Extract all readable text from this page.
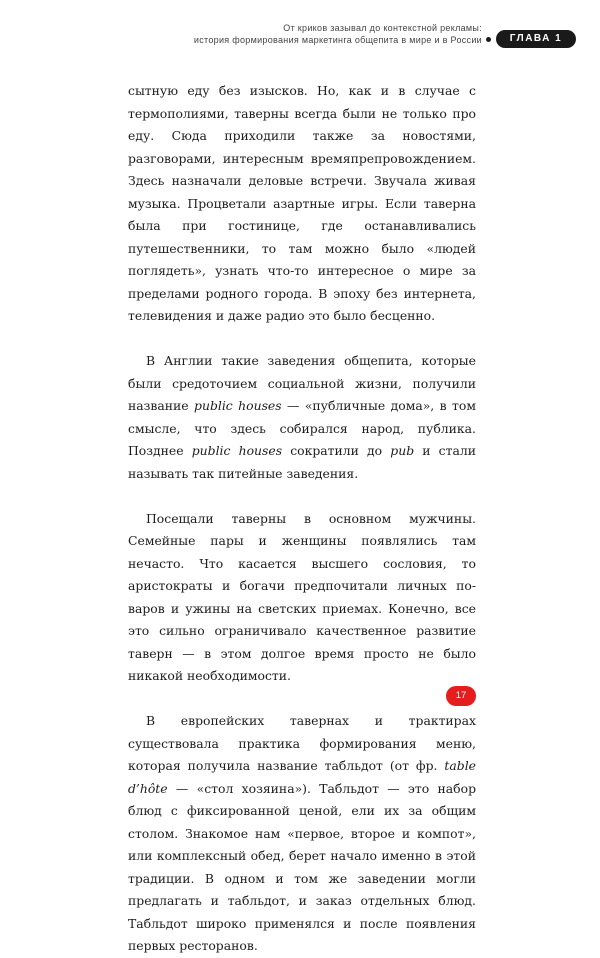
От криков зазывал до контекстной рекламы:
история формирования маркетинга общепита в мире и в России	ГЛАВА 1

сытную еду без изысков. Но, как и в случае с термополиями, таверны всегда были не только про еду. Сюда приходили также за новостями, разговорами, интересным времяпрепровождением. Здесь назначали деловые встречи. Звучала живая музыка. Процветали азартные игры. Если таверна была при гостинице, где останавливались путешественники, то там можно было «людей поглядеть», узнать что-то интересное о мире за пределами родного города. В эпоху без интернета, телевидения и даже радио это было бесценно.

В Англии такие заведения общепита, которые были средоточием социальной жизни, получили название public houses — «публичные дома», в том смысле, что здесь собирался народ, публика. Позднее public houses сократили до pub и стали называть так питейные заведения.

Посещали таверны в основном мужчины. Семейные пары и женщины появлялись там нечасто. Что касается высшего сословия, то аристократы и богачи предпочитали личных поваров и ужины на светских приемах. Конечно, все это сильно ограничивало качественное развитие таверн — в этом долгое время просто не было никакой необходимости.

В европейских тавернах и трактирах существовала практика формирования меню, которая получила название табльдот (от фр. table d’hôte — «стол хозяина»). Табльдот — это набор блюд с фиксированной ценой, ели их за общим столом. Знакомое нам «первое, второе и компот», или комплексный обед, берет начало именно в этой традиции. В одном и том же заведении могли предлагать и табльдот, и заказ отдельных блюд. Табльдот широко применялся и после появления первых ресторанов.

17
